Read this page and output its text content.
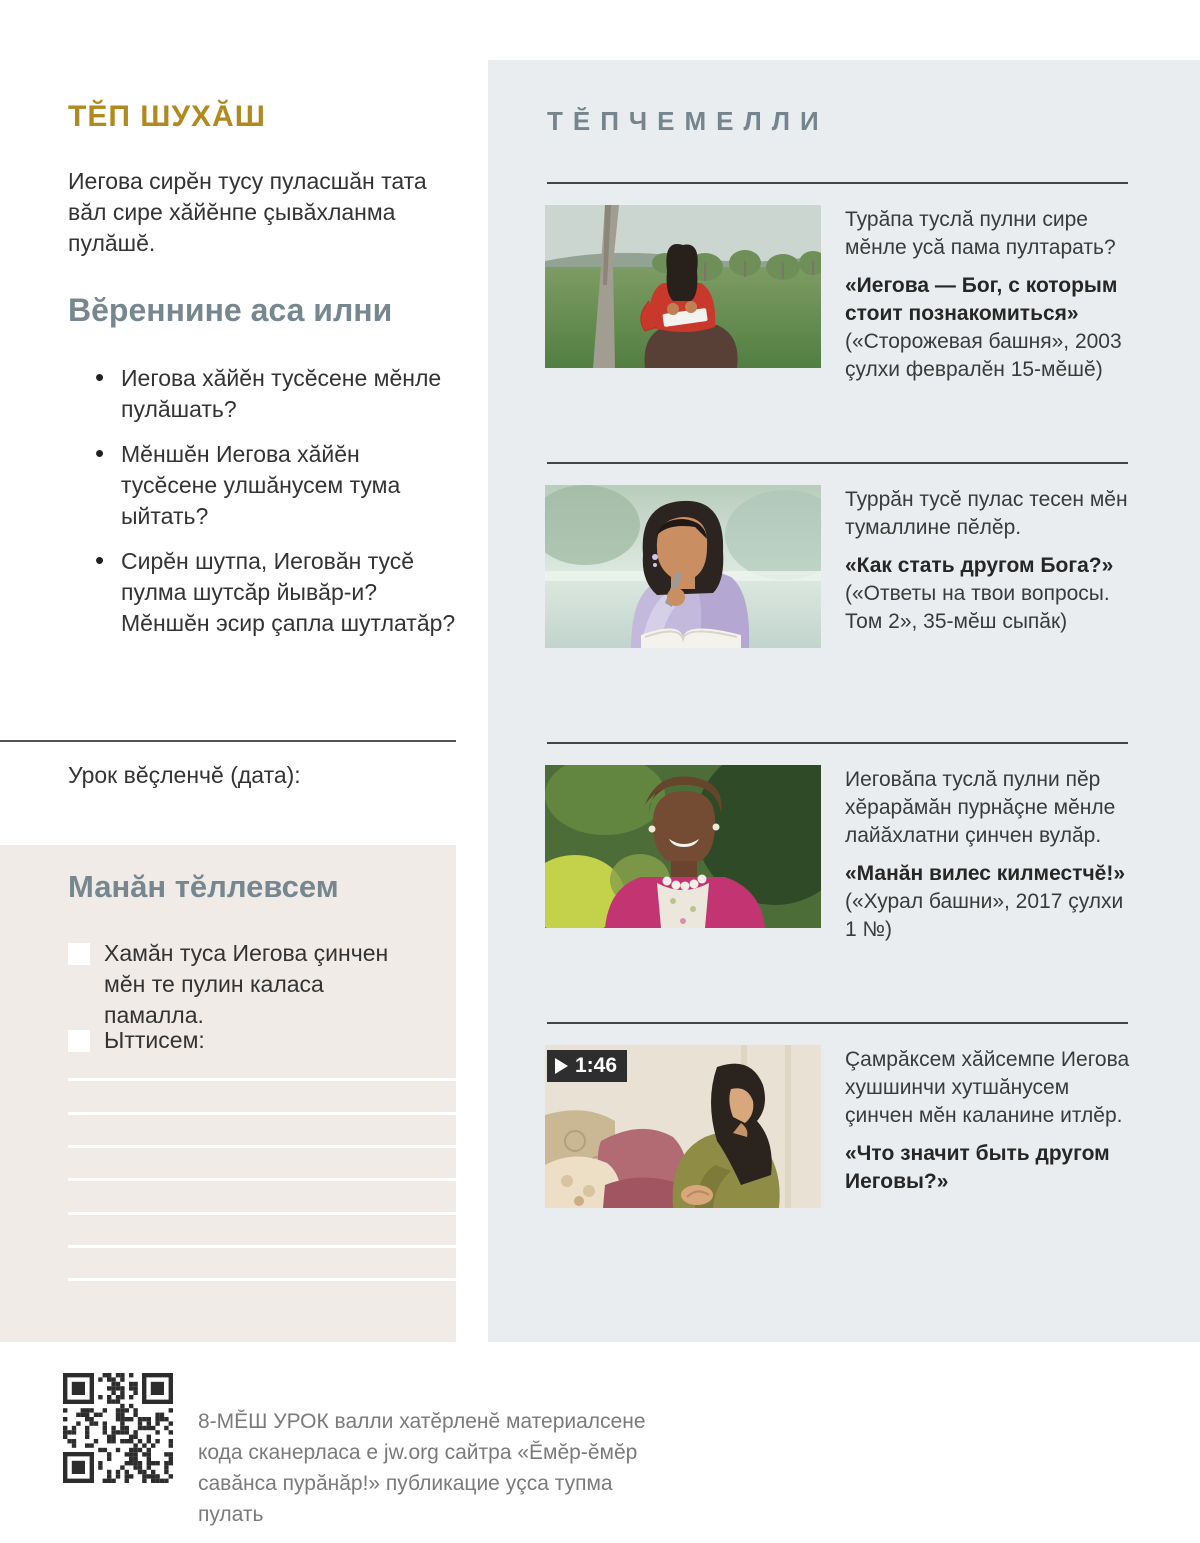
ТĔПЧЕМЕЛЛИ

Турăпа туслă пулни сире мĕнле усă пама пултарать?

«Иегова — Бог, с которым стоит познакомиться»

(«Сторожевая башня», 2003 çулхи февралĕн 15-мĕшĕ)

Туррăн тусĕ пулас тесен мĕн тумаллине пĕлĕр.

«Как стать другом Бога?»

(«Ответы на твои вопросы. Том 2», 35-мĕш сыпăк)

Иеговăпа туслă пулни пĕр хĕрарăмăн пурнăçне мĕнле лайăхлатни çинчен вулăр.

«Манăн вилес килместчĕ!»

(«Хурал башни», 2017 çулхи 1 №)

1:46	Çамрăксем хăйсемпе Иегова хушшинчи хутшăнусем çинчен мĕн каланине итлĕр.

«Что значит быть другом Иеговы?»

ТĔП ШУХĂШ

Иегова сирĕн тусу пуласшăн тата вăл сире хăйĕнпе çывăхланма пулăшĕ.

Вĕреннине аса илни
• Иегова хăйĕн тусĕсене мĕнле пулăшать?
• Мĕншĕн Иегова хăйĕн тусĕсене улшăнусем тума ыйтать?
• Сирĕн шутпа, Иеговăн тусĕ пулма шутсăр йывăр-и? Мĕншĕн эсир çапла шутлатăр?

Урок вĕçленчĕ (дата):

Манăн тĕллевсем
Хамăн туса Иегова çинчен мĕн те пулин каласа памалла.
Ыттисем:

8-МĔШ УРОК валли хатĕрленĕ материалсене кода сканерласа е jw.org сайтра «Ĕмĕр-ĕмĕр савăнса пурăнăр!» публикацие уçса тупма пулать
